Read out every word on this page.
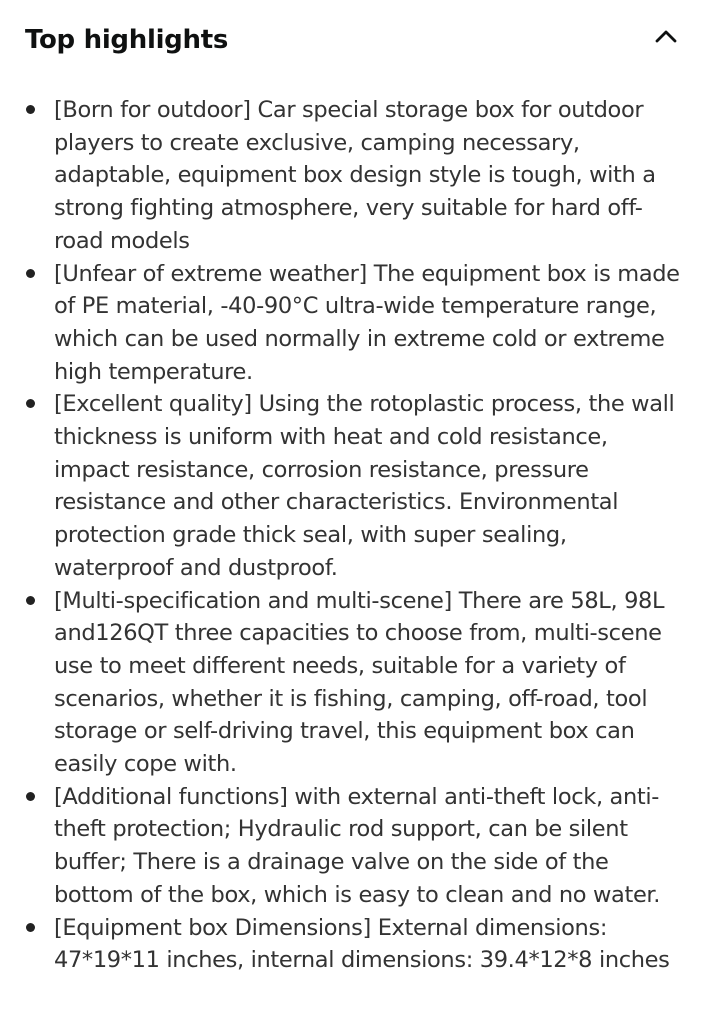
Top highlights
[Born for outdoor] Car special storage box for outdoor players to create exclusive, camping necessary, adaptable, equipment box design style is tough, with a strong fighting atmosphere, very suitable for hard off-road models
[Unfear of extreme weather] The equipment box is made of PE material, -40-90°C ultra-wide temperature range, which can be used normally in extreme cold or extreme high temperature.
[Excellent quality] Using the rotoplastic process, the wall thickness is uniform with heat and cold resistance, impact resistance, corrosion resistance, pressure resistance and other characteristics. Environmental protection grade thick seal, with super sealing, waterproof and dustproof.
[Multi-specification and multi-scene] There are 58L, 98L and126QT three capacities to choose from, multi-scene use to meet different needs, suitable for a variety of scenarios, whether it is fishing, camping, off-road, tool storage or self-driving travel, this equipment box can easily cope with.
[Additional functions] with external anti-theft lock, anti-theft protection; Hydraulic rod support, can be silent buffer; There is a drainage valve on the side of the bottom of the box, which is easy to clean and no water.
[Equipment box Dimensions] External dimensions: 47*19*11 inches, internal dimensions: 39.4*12*8 inches
